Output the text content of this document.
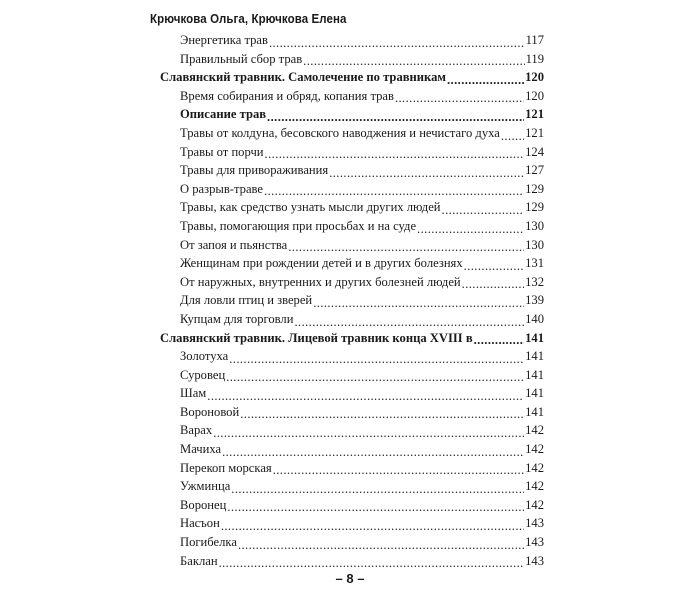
Крючкова Ольга, Крючкова Елена
Энергетика трав .....	117
Правильный сбор трав .....	119
Славянский травник. Самолечение по травникам .....	120
Время собирания и обряд, копания трав .....	120
Описание трав .....	121
Травы от колдуна, бесовского наводжения и нечистаго духа ..... 121
Травы от порчи .....	124
Травы для привораживания .....	127
О разрыв-траве .....	129
Травы, как средство узнать мысли других людей .....	129
Травы, помогающия при просьбах и на суде .....	130
От запоя и пьянства .....	130
Женщинам при рождении детей и в других болезнях .....	131
От наружных, внутренних и других болезней людей .....	132
Для ловли птиц и зверей .....	139
Купцам для торговли .....	140
Славянский травник. Лицевой травник конца XVIII в .....	141
Золотуха .....	141
Суровец .....	141
Шам .....	141
Вороновой .....	141
Варах .....	142
Мачиха .....	142
Перекоп морская .....	142
Ужминца .....	142
Воронец .....	142
Насъон .....	143
Погибелка .....	143
Баклан .....	143
– 8 –
